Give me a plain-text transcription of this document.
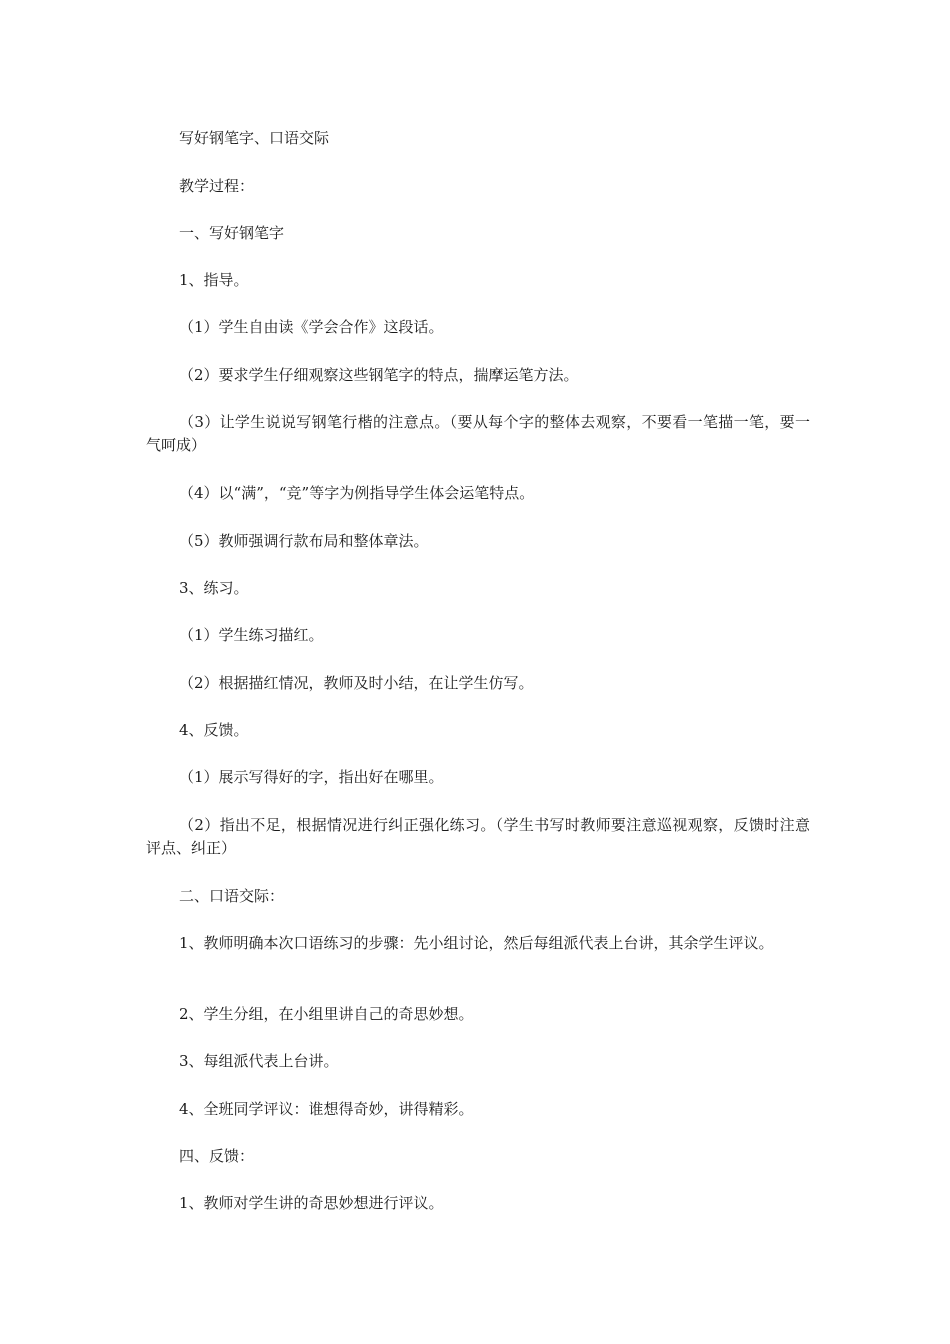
写好钢笔字、口语交际

教学过程：

一、写好钢笔字

1、指导。

（1）学生自由读《学会合作》这段话。

（2）要求学生仔细观察这些钢笔字的特点，揣摩运笔方法。

（3）让学生说说写钢笔行楷的注意点。（要从每个字的整体去观察，不要看一笔描一笔，要一气呵成）

（4）以“满”，“竞”等字为例指导学生体会运笔特点。

（5）教师强调行款布局和整体章法。

3、练习。

（1）学生练习描红。

（2）根据描红情况，教师及时小结，在让学生仿写。

4、反馈。

（1）展示写得好的字，指出好在哪里。

（2）指出不足，根据情况进行纠正强化练习。（学生书写时教师要注意巡视观察，反馈时注意评点、纠正）

二、口语交际：

1、教师明确本次口语练习的步骤：先小组讨论，然后每组派代表上台讲，其余学生评议。

2、学生分组，在小组里讲自己的奇思妙想。

3、每组派代表上台讲。

4、全班同学评议：谁想得奇妙，讲得精彩。

四、反馈：

1、教师对学生讲的奇思妙想进行评议。
